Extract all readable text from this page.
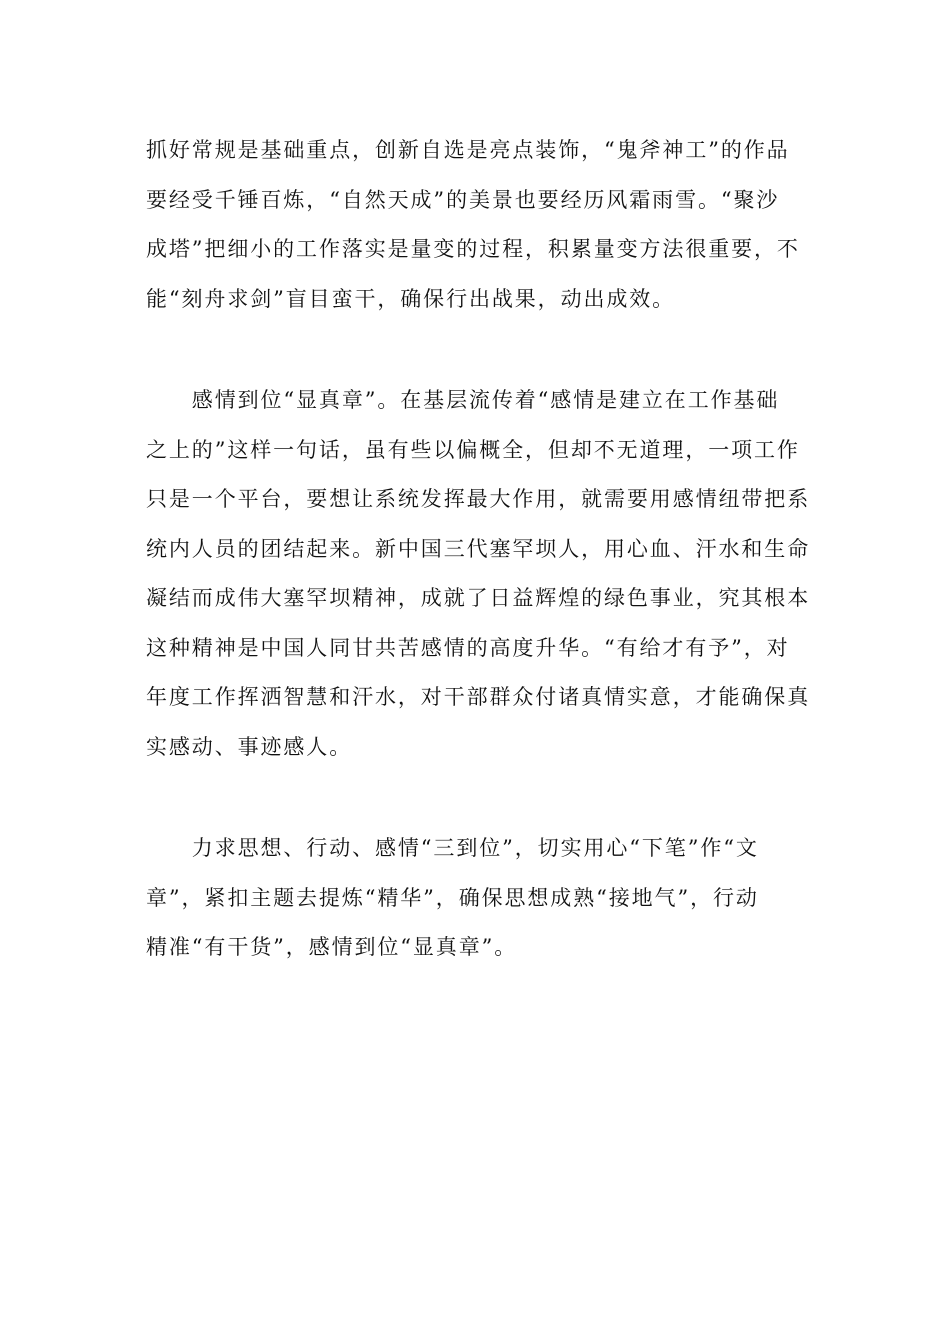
抓好常规是基础重点，创新自选是亮点装饰，“鬼斧神工”的作品
要经受千锤百炼，“自然天成”的美景也要经历风霜雨雪。“聚沙
成塔”把细小的工作落实是量变的过程，积累量变方法很重要，不
能“刻舟求剑”盲目蛮干，确保行出战果，动出成效。
　　感情到位“显真章”。在基层流传着“感情是建立在工作基础
之上的”这样一句话，虽有些以偏概全，但却不无道理，一项工作
只是一个平台，要想让系统发挥最大作用，就需要用感情纽带把系
统内人员的团结起来。新中国三代塞罕坝人，用心血、汗水和生命
凝结而成伟大塞罕坝精神，成就了日益辉煌的绿色事业，究其根本
这种精神是中国人同甘共苦感情的高度升华。“有给才有予”，对
年度工作挥洒智慧和汗水，对干部群众付诸真情实意，才能确保真
实感动、事迹感人。
　　力求思想、行动、感情“三到位”，切实用心“下笔”作“文
章”，紧扣主题去提炼“精华”，确保思想成熟“接地气”，行动
精准“有干货”，感情到位“显真章”。
